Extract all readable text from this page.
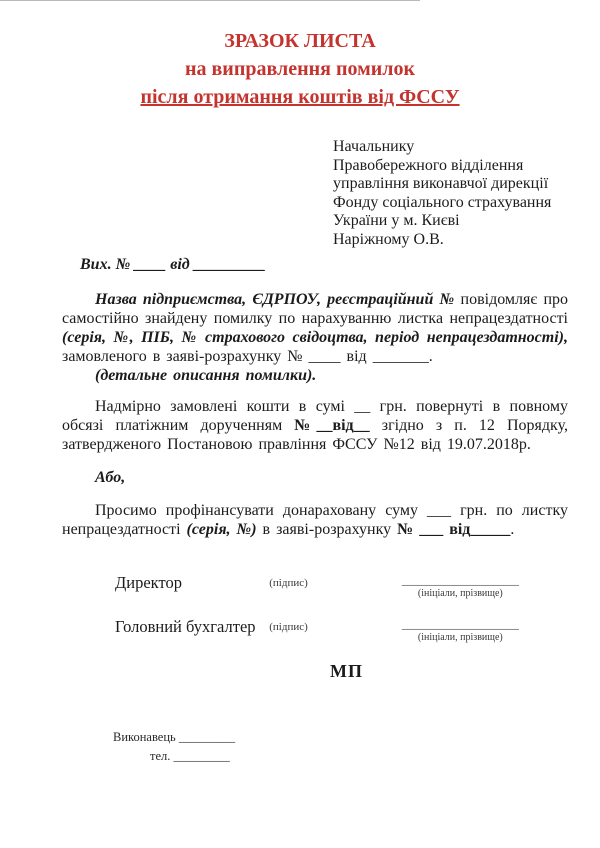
ЗРАЗОК ЛИСТА
на виправлення помилок
після отримання коштів від ФССУ
Начальнику
Правобережного відділення
управління виконавчої дирекції
Фонду соціального страхування
України у м. Києві
Наріжному О.В.
Вих. № ____ від _________

Назва підприємства, ЄДРПОУ, реєстраційний № повідомляє про самостійно знайдену помилку по нарахуванню листка непрацездатності (серія, №, ПІБ, № страхового свідоцтва, період непрацездатності), замовленого в заяві-розрахунку № ____ від _______.

(детальне описання помилки).

Надмірно замовлені кошти в сумі __ грн. повернуті в повному обсязі платіжним дорученням №__від__ згідно з п. 12 Порядку, затвердженого Постановою правління ФССУ №12 від 19.07.2018р.

Або,

Просимо профінансувати донараховану суму ___ грн. по листку непрацездатності (серія, №) в заяві-розрахунку № ___ від_____.

Директор	(підпис)	__________________
(ініціали, прізвище)
Головний бухгалтер	(підпис)	__________________
(ініціали, прізвище)
МП
Виконавець _________
тел. _________
